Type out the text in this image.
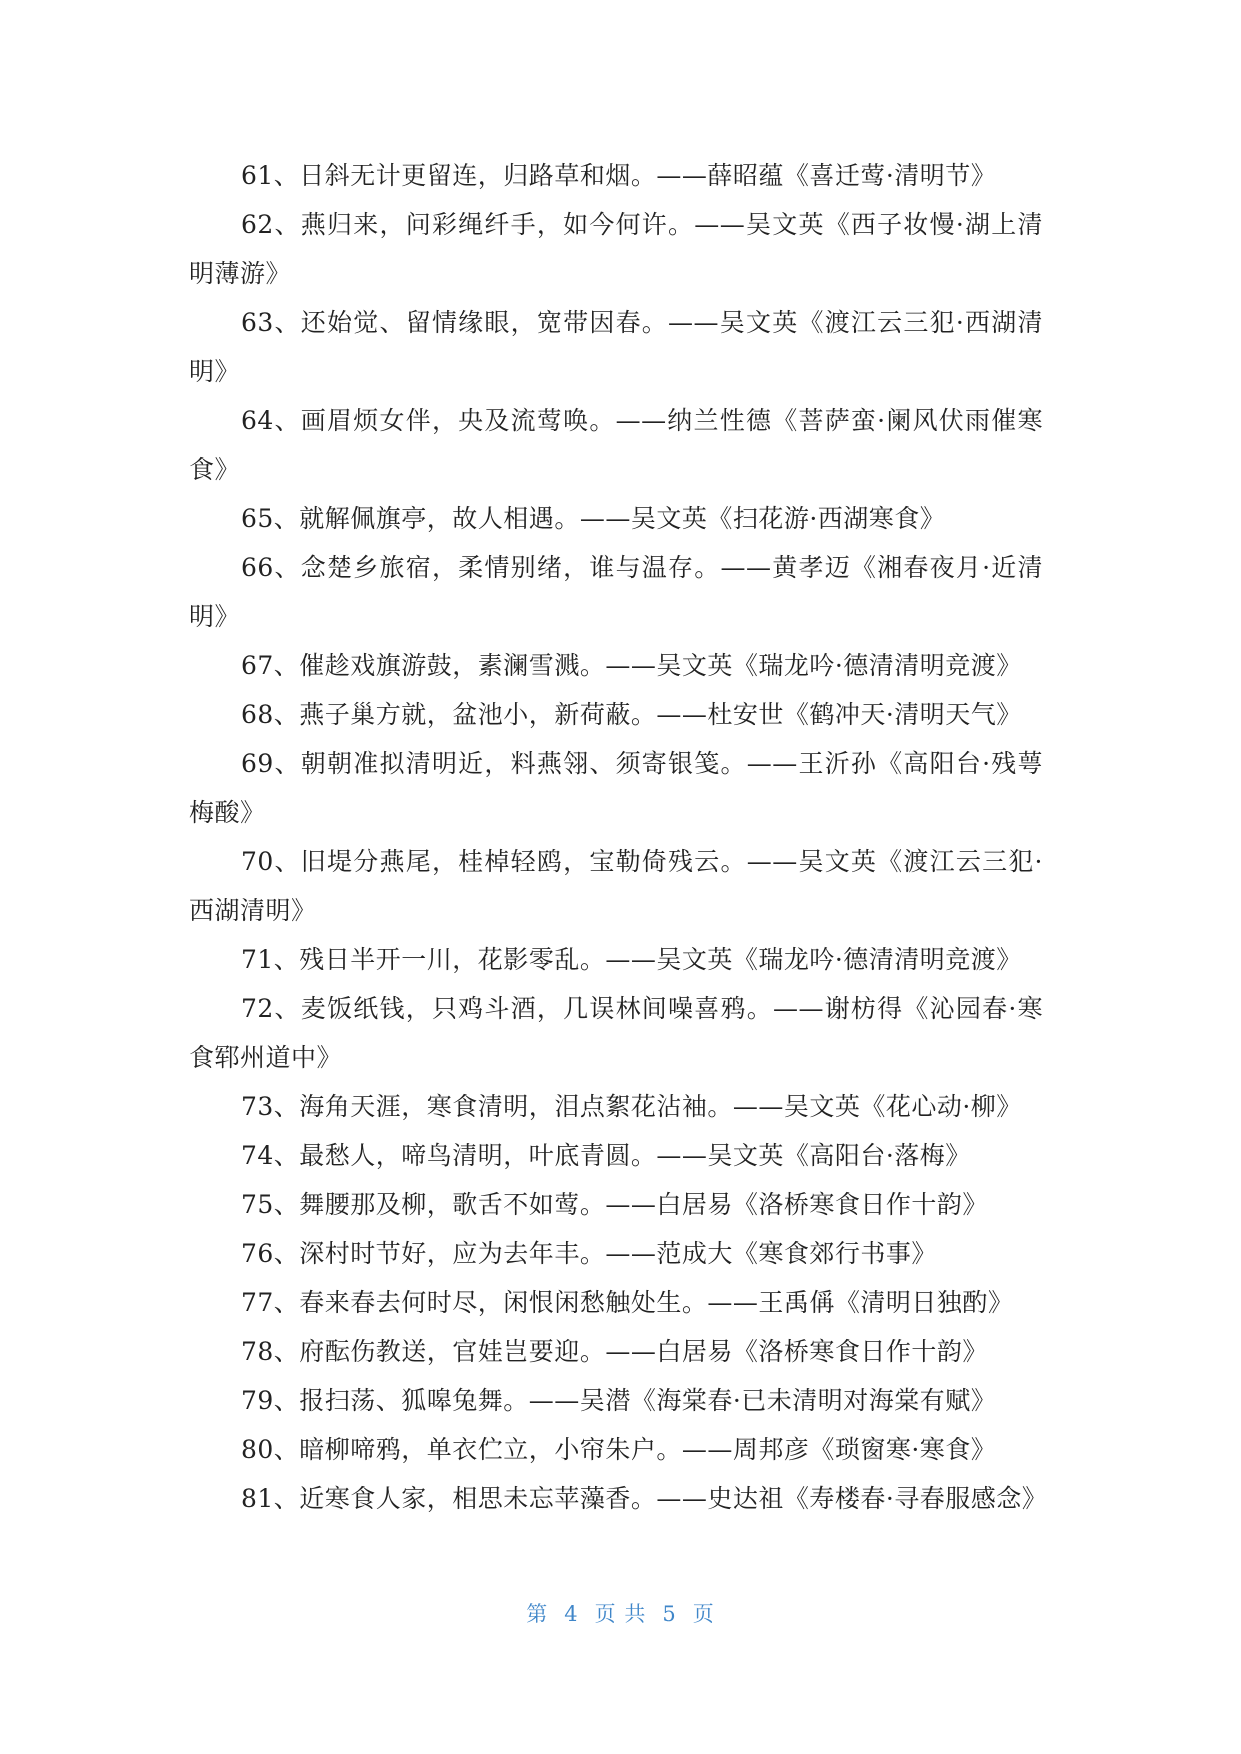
61、日斜无计更留连，归路草和烟。——薛昭蕴《喜迁莺·清明节》

62、燕归来，问彩绳纤手，如今何许。——吴文英《西子妆慢·湖上清明薄游》

63、还始觉、留情缘眼，宽带因春。——吴文英《渡江云三犯·西湖清明》

64、画眉烦女伴，央及流莺唤。——纳兰性德《菩萨蛮·阑风伏雨催寒食》

65、就解佩旗亭，故人相遇。——吴文英《扫花游·西湖寒食》

66、念楚乡旅宿，柔情别绪，谁与温存。——黄孝迈《湘春夜月·近清明》

67、催趁戏旗游鼓，素澜雪溅。——吴文英《瑞龙吟·德清清明竞渡》

68、燕子巢方就，盆池小，新荷蔽。——杜安世《鹤冲天·清明天气》

69、朝朝准拟清明近，料燕翎、须寄银笺。——王沂孙《高阳台·残萼梅酸》

70、旧堤分燕尾，桂棹轻鸥，宝勒倚残云。——吴文英《渡江云三犯·西湖清明》

71、残日半开一川，花影零乱。——吴文英《瑞龙吟·德清清明竞渡》

72、麦饭纸钱，只鸡斗酒，几误林间噪喜鸦。——谢枋得《沁园春·寒食郓州道中》

73、海角天涯，寒食清明，泪点絮花沾袖。——吴文英《花心动·柳》

74、最愁人，啼鸟清明，叶底青圆。——吴文英《高阳台·落梅》

75、舞腰那及柳，歌舌不如莺。——白居易《洛桥寒食日作十韵》

76、深村时节好，应为去年丰。——范成大《寒食郊行书事》

77、春来春去何时尽，闲恨闲愁触处生。——王禹偁《清明日独酌》

78、府酝伤教送，官娃岂要迎。——白居易《洛桥寒食日作十韵》

79、报扫荡、狐嗥兔舞。——吴潜《海棠春·已未清明对海棠有赋》

80、暗柳啼鸦，单衣伫立，小帘朱户。——周邦彦《琐窗寒·寒食》

81、近寒食人家，相思未忘苹藻香。——史达祖《寿楼春·寻春服感念》

第 4 页 共 5 页
